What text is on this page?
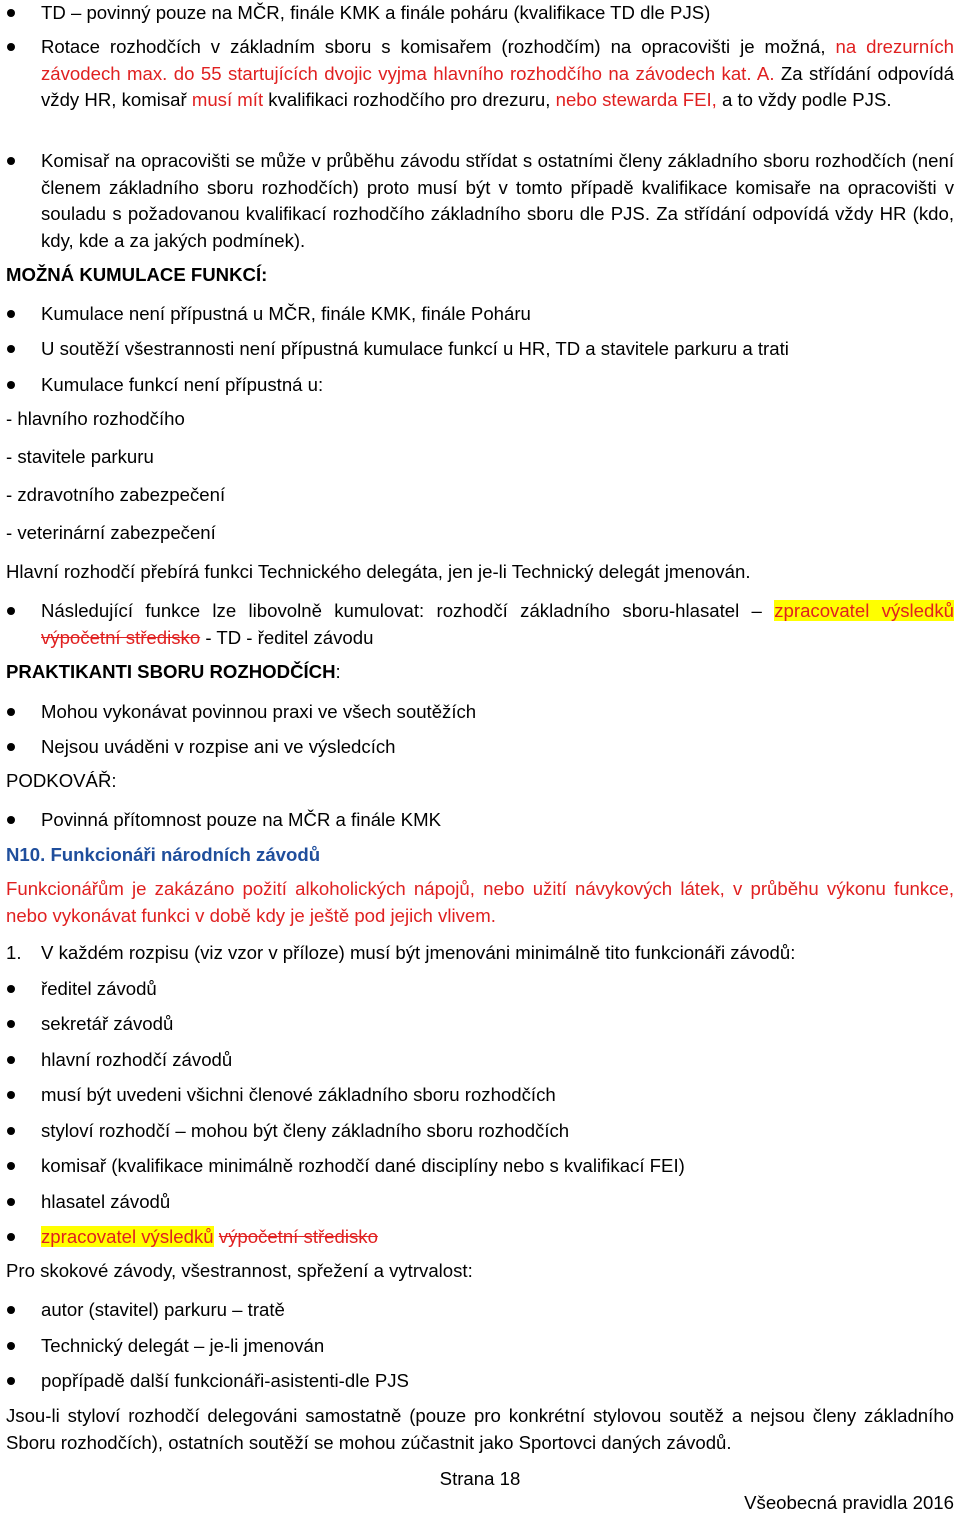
TD – povinný pouze na MČR, finále KMK a finále poháru (kvalifikace TD dle PJS)
Rotace rozhodčích v základním sboru s komisařem (rozhodčím) na opracovišti je možná, na drezurních závodech max. do 55 startujících dvojic vyjma hlavního rozhodčího na závodech kat. A. Za střídání odpovídá vždy HR, komisař musí mít kvalifikaci rozhodčího pro drezuru, nebo stewarda FEI, a to vždy podle PJS.
Komisař na opracovišti se může v průběhu závodu střídat s ostatními členy základního sboru rozhodčích (není členem základního sboru rozhodčích) proto musí být v tomto případě kvalifikace komisaře na opracovišti v souladu s požadovanou kvalifikací rozhodčího základního sboru dle PJS. Za střídání odpovídá vždy HR (kdo, kdy, kde a za jakých podmínek).
MOŽNÁ KUMULACE FUNKCÍ:
Kumulace není přípustná u MČR, finále KMK, finále Poháru
U soutěží všestrannosti není přípustná kumulace funkcí u HR, TD a stavitele parkuru a trati
Kumulace funkcí není přípustná u:
- hlavního rozhodčího
- stavitele parkuru
- zdravotního zabezpečení
- veterinární zabezpečení
Hlavní rozhodčí přebírá funkci Technického delegáta, jen je-li Technický delegát jmenován.
Následující funkce lze libovolně kumulovat: rozhodčí základního sboru-hlasatel – zpracovatel výsledků výpočetní středisko - TD - ředitel závodu
PRAKTIKANTI SBORU ROZHODČÍCH:
Mohou vykonávat povinnou praxi ve všech soutěžích
Nejsou uváděni v rozpise ani ve výsledcích
PODKOVÁŘ:
Povinná přítomnost pouze na MČR a finále KMK
N10. Funkcionáři národních závodů
Funkcionářům je zakázáno požití alkoholických nápojů, nebo užití návykových látek, v průběhu výkonu funkce, nebo vykonávat funkci v době kdy je ještě pod jejich vlivem.
1. V každém rozpisu (viz vzor v příloze) musí být jmenováni minimálně tito funkcionáři závodů:
ředitel závodů
sekretář závodů
hlavní rozhodčí závodů
musí být uvedeni všichni členové základního sboru rozhodčích
styloví rozhodčí – mohou být členy základního sboru rozhodčích
komisař (kvalifikace minimálně rozhodčí dané disciplíny nebo s kvalifikací FEI)
hlasatel závodů
zpracovatel výsledků výpočetní středisko
Pro skokové závody, všestrannost, spřežení a vytrvalost:
autor (stavitel) parkuru – tratě
Technický delegát – je-li jmenován
popřípadě další funkcionáři-asistenti-dle PJS
Jsou-li styloví rozhodčí delegováni samostatně (pouze pro konkrétní stylovou soutěž a nejsou členy základního Sboru rozhodčích), ostatních soutěží se mohou zúčastnit jako Sportovci daných závodů.
Strana 18
Všeobecná pravidla 2016
